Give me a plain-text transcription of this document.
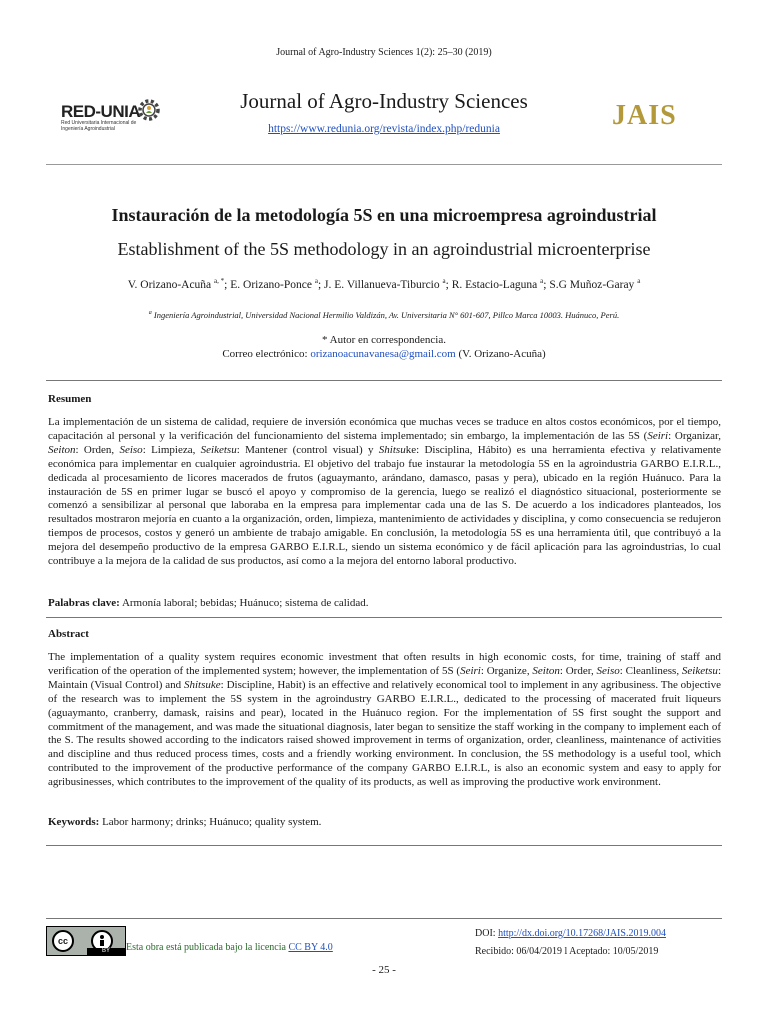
Journal of Agro-Industry Sciences 1(2): 25–30 (2019)
RED-UNIA
Red Universitaria Internacional de Ingeniería Agroindustrial
Journal of Agro-Industry Sciences
https://www.redunia.org/revista/index.php/redunia	JAIS
Instauración de la metodología 5S en una microempresa agroindustrial
Establishment of the 5S methodology in an agroindustrial microenterprise
V. Orizano-Acuña $^{a, *}$; E. Orizano-Ponce $^a$; J. E. Villanueva-Tiburcio $^a$; R. Estacio-Laguna $^a$; S.G Muñoz-Garay $^a$
$^a$ Ingeniería Agroindustrial, Universidad Nacional Hermilio Valdizán, Av. Universitaria N° 601-607, Pillco Marca 10003. Huánuco, Perú.
* Autor en correspondencia.
Correo electrónico: orizanoacunavanesa@gmail.com (V. Orizano-Acuña)
Resumen
La implementación de un sistema de calidad, requiere de inversión económica que muchas veces se traduce en altos costos económicos, por el tiempo, capacitación al personal y la verificación del funcionamiento del sistema implementado; sin embargo, la implementación de las 5S (Seiri: Organizar, Seiton: Orden, Seiso: Limpieza, Seiketsu: Mantener (control visual) y Shitsuke: Disciplina, Hábito) es una herramienta efectiva y relativamente económica para implementar en cualquier agroindustria. El objetivo del trabajo fue instaurar la metodología 5S en la agroindustria GARBO E.I.R.L., dedicada al procesamiento de licores macerados de frutos (aguaymanto, arándano, damasco, pasas y pera), ubicado en la región Huánuco. Para la instauración de 5S en primer lugar se buscó el apoyo y compromiso de la gerencia, luego se realizó el diagnóstico situacional, posteriormente se comenzó a sensibilizar al personal que laboraba en la empresa para implementar cada una de las S. De acuerdo a los indicadores planteados, los resultados mostraron mejoría en cuanto a la organización, orden, limpieza, mantenimiento de actividades y disciplina, y como consecuencia se redujeron tiempos de procesos, costos y generó un ambiente de trabajo amigable. En conclusión, la metodología 5S es una herramienta útil, que contribuyó a la mejora del desempeño productivo de la empresa GARBO E.I.R.L, siendo un sistema económico y de fácil aplicación para las agroindustrias, lo cual contribuye a la mejora de la calidad de sus productos, así como a la mejora del entorno laboral productivo.
Palabras clave: Armonía laboral; bebidas; Huánuco; sistema de calidad.
Abstract
The implementation of a quality system requires economic investment that often results in high economic costs, for time, training of staff and verification of the operation of the implemented system; however, the implementation of 5S (Seiri: Organize, Seiton: Order, Seiso: Cleanliness, Seiketsu: Maintain (Visual Control) and Shitsuke: Discipline, Habit) is an effective and relatively economical tool to implement in any agribusiness. The objective of the research was to implement the 5S system in the agroindustry GARBO E.I.R.L., dedicated to the processing of macerated fruit liqueurs (aguaymanto, cranberry, damask, raisins and pear), located in the Huánuco region. For the implementation of 5S first sought the support and commitment of the management, and was made the situational diagnosis, later began to sensitize the staff working in the company to implement each of the S. The results showed according to the indicators raised showed improvement in terms of organization, order, cleanliness, maintenance of activities and discipline and thus reduced process times, costs and a friendly working environment. In conclusion, the 5S methodology is a useful tool, which contributed to the improvement of the productive performance of the company GARBO E.I.R.L, is also an economic system and easy to apply for agribusinesses, which contributes to the improvement of the quality of its products, as well as improving the productive work environment.
Keywords: Labor harmony; drinks; Huánuco; quality system.
cc
BY	Esta obra está publicada bajo la licencia CC BY 4.0
DOI: http://dx.doi.org/10.17268/JAIS.2019.004
Recibido: 06/04/2019 l Aceptado: 10/05/2019
- 25 -
